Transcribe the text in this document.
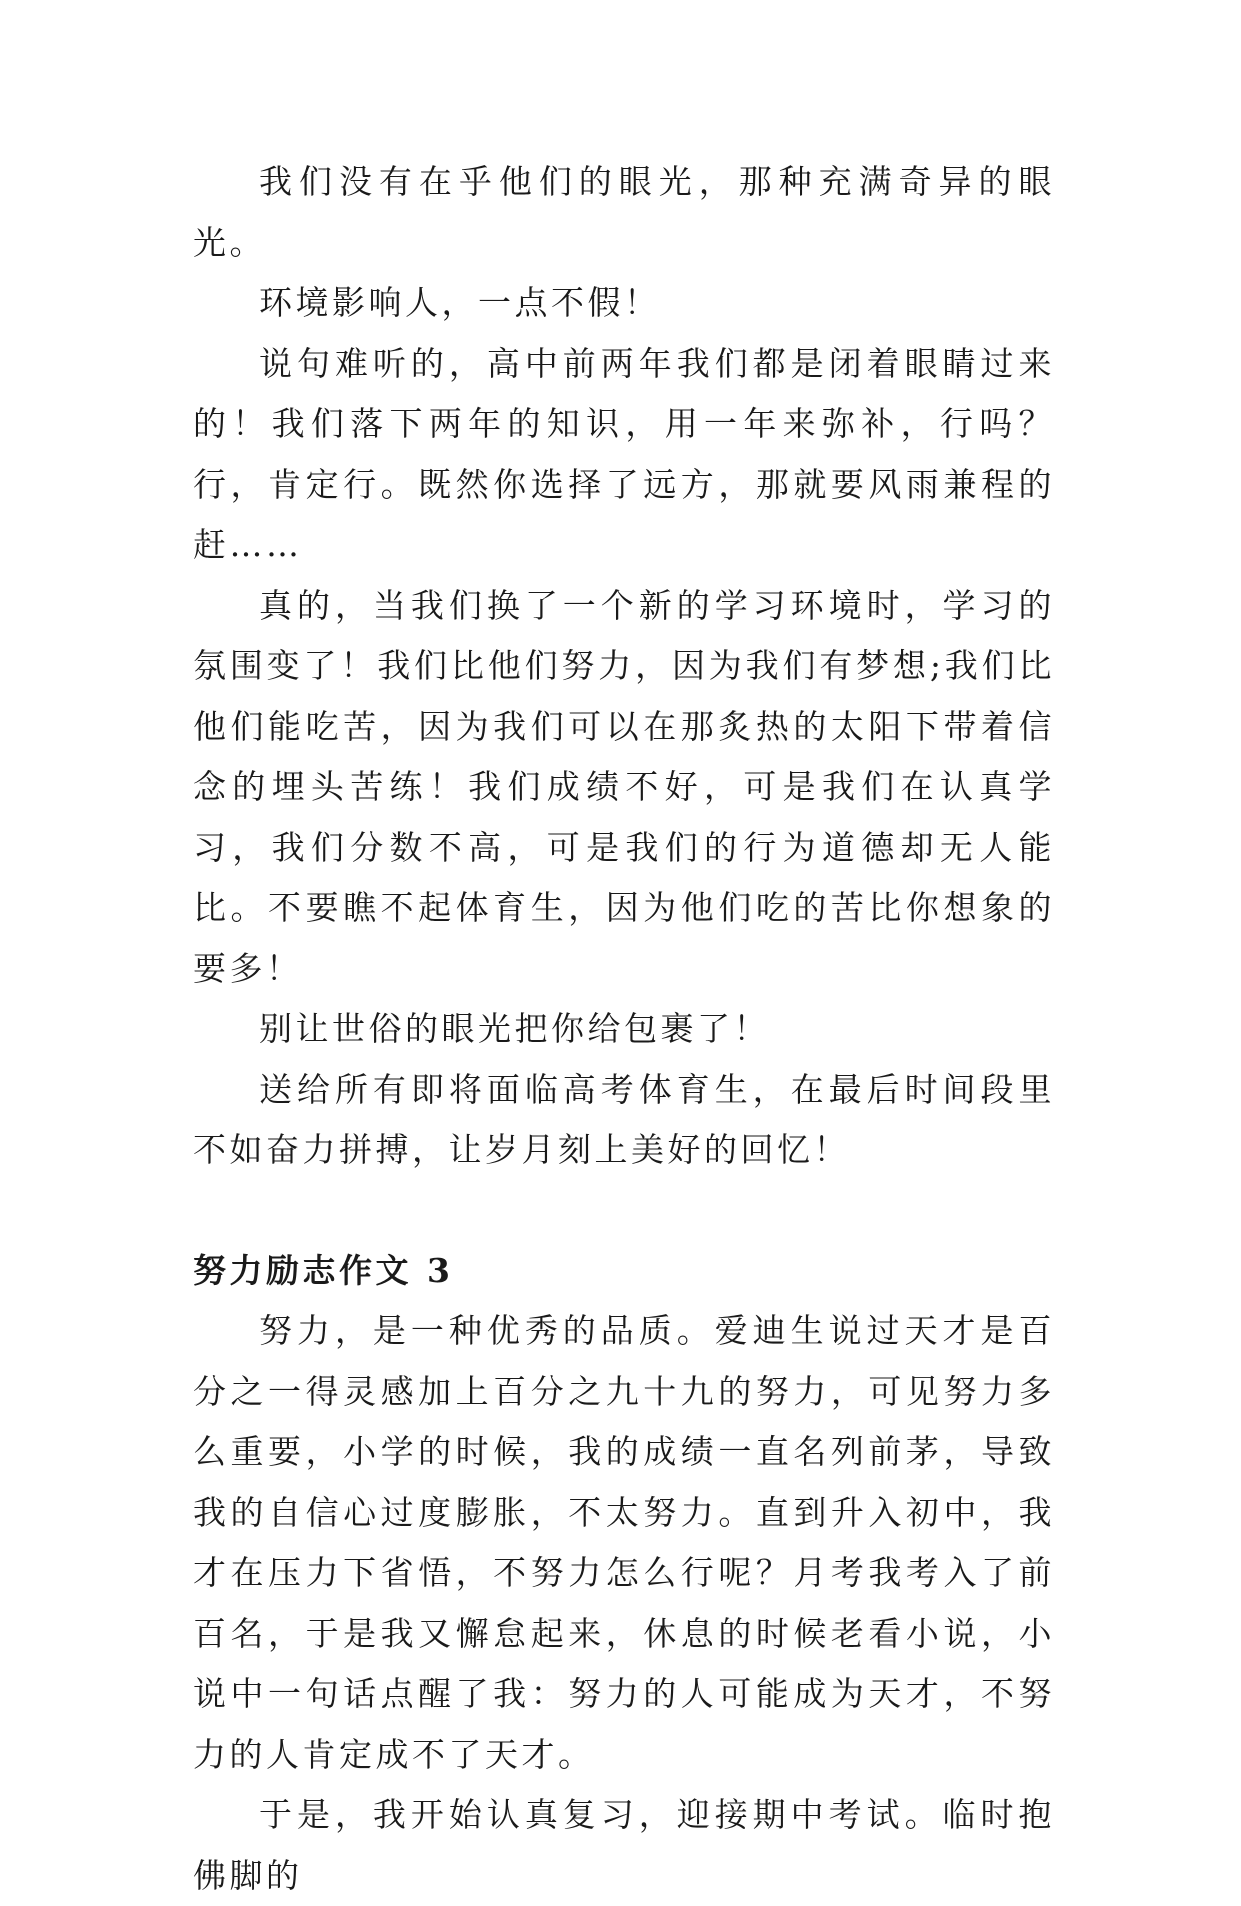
我们没有在乎他们的眼光，那种充满奇异的眼光。

环境影响人，一点不假！

说句难听的，高中前两年我们都是闭着眼睛过来的！我们落下两年的知识，用一年来弥补，行吗？行，肯定行。既然你选择了远方，那就要风雨兼程的赶……

真的，当我们换了一个新的学习环境时，学习的氛围变了！我们比他们努力，因为我们有梦想;我们比他们能吃苦，因为我们可以在那炙热的太阳下带着信念的埋头苦练！我们成绩不好，可是我们在认真学习，我们分数不高，可是我们的行为道德却无人能比。不要瞧不起体育生，因为他们吃的苦比你想象的要多！

别让世俗的眼光把你给包裹了！

送给所有即将面临高考体育生，在最后时间段里不如奋力拼搏，让岁月刻上美好的回忆！

努力励志作文 3

努力，是一种优秀的品质。爱迪生说过天才是百分之一得灵感加上百分之九十九的努力，可见努力多么重要，小学的时候，我的成绩一直名列前茅，导致我的自信心过度膨胀，不太努力。直到升入初中，我才在压力下省悟，不努力怎么行呢？月考我考入了前百名，于是我又懈怠起来，休息的时候老看小说，小说中一句话点醒了我：努力的人可能成为天才，不努力的人肯定成不了天才。

于是，我开始认真复习，迎接期中考试。临时抱佛脚的
